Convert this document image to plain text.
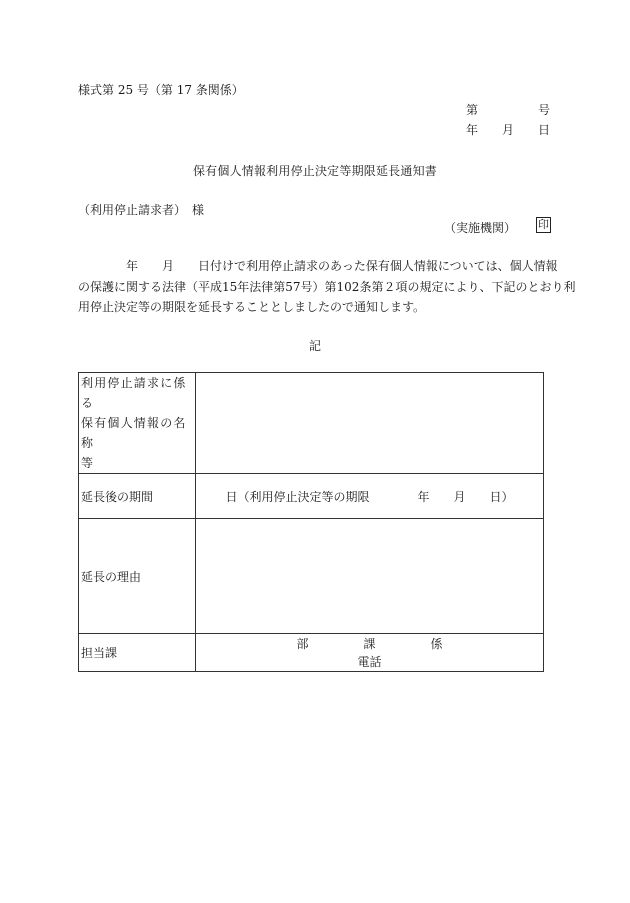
様式第 25 号（第 17 条関係）
第	号
年 月 日
保有個人情報利用停止決定等期限延長通知書
（利用停止請求者）　様
（実施機関） 印
　　　　年　　月　　日付けで利用停止請求のあった保有個人情報については、個人情報
の保護に関する法律（平成15年法律第57号）第102条第２項の規定により、下記のとおり利
用停止決定等の期限を延長することとしましたので通知します。
記
利用停止請求に係る
保有個人情報の名称
等	

延長後の期間	日（利用停止決定等の期限　　　　年　　月　　日）
延長の理由	
担当課	部 課 係
電話
